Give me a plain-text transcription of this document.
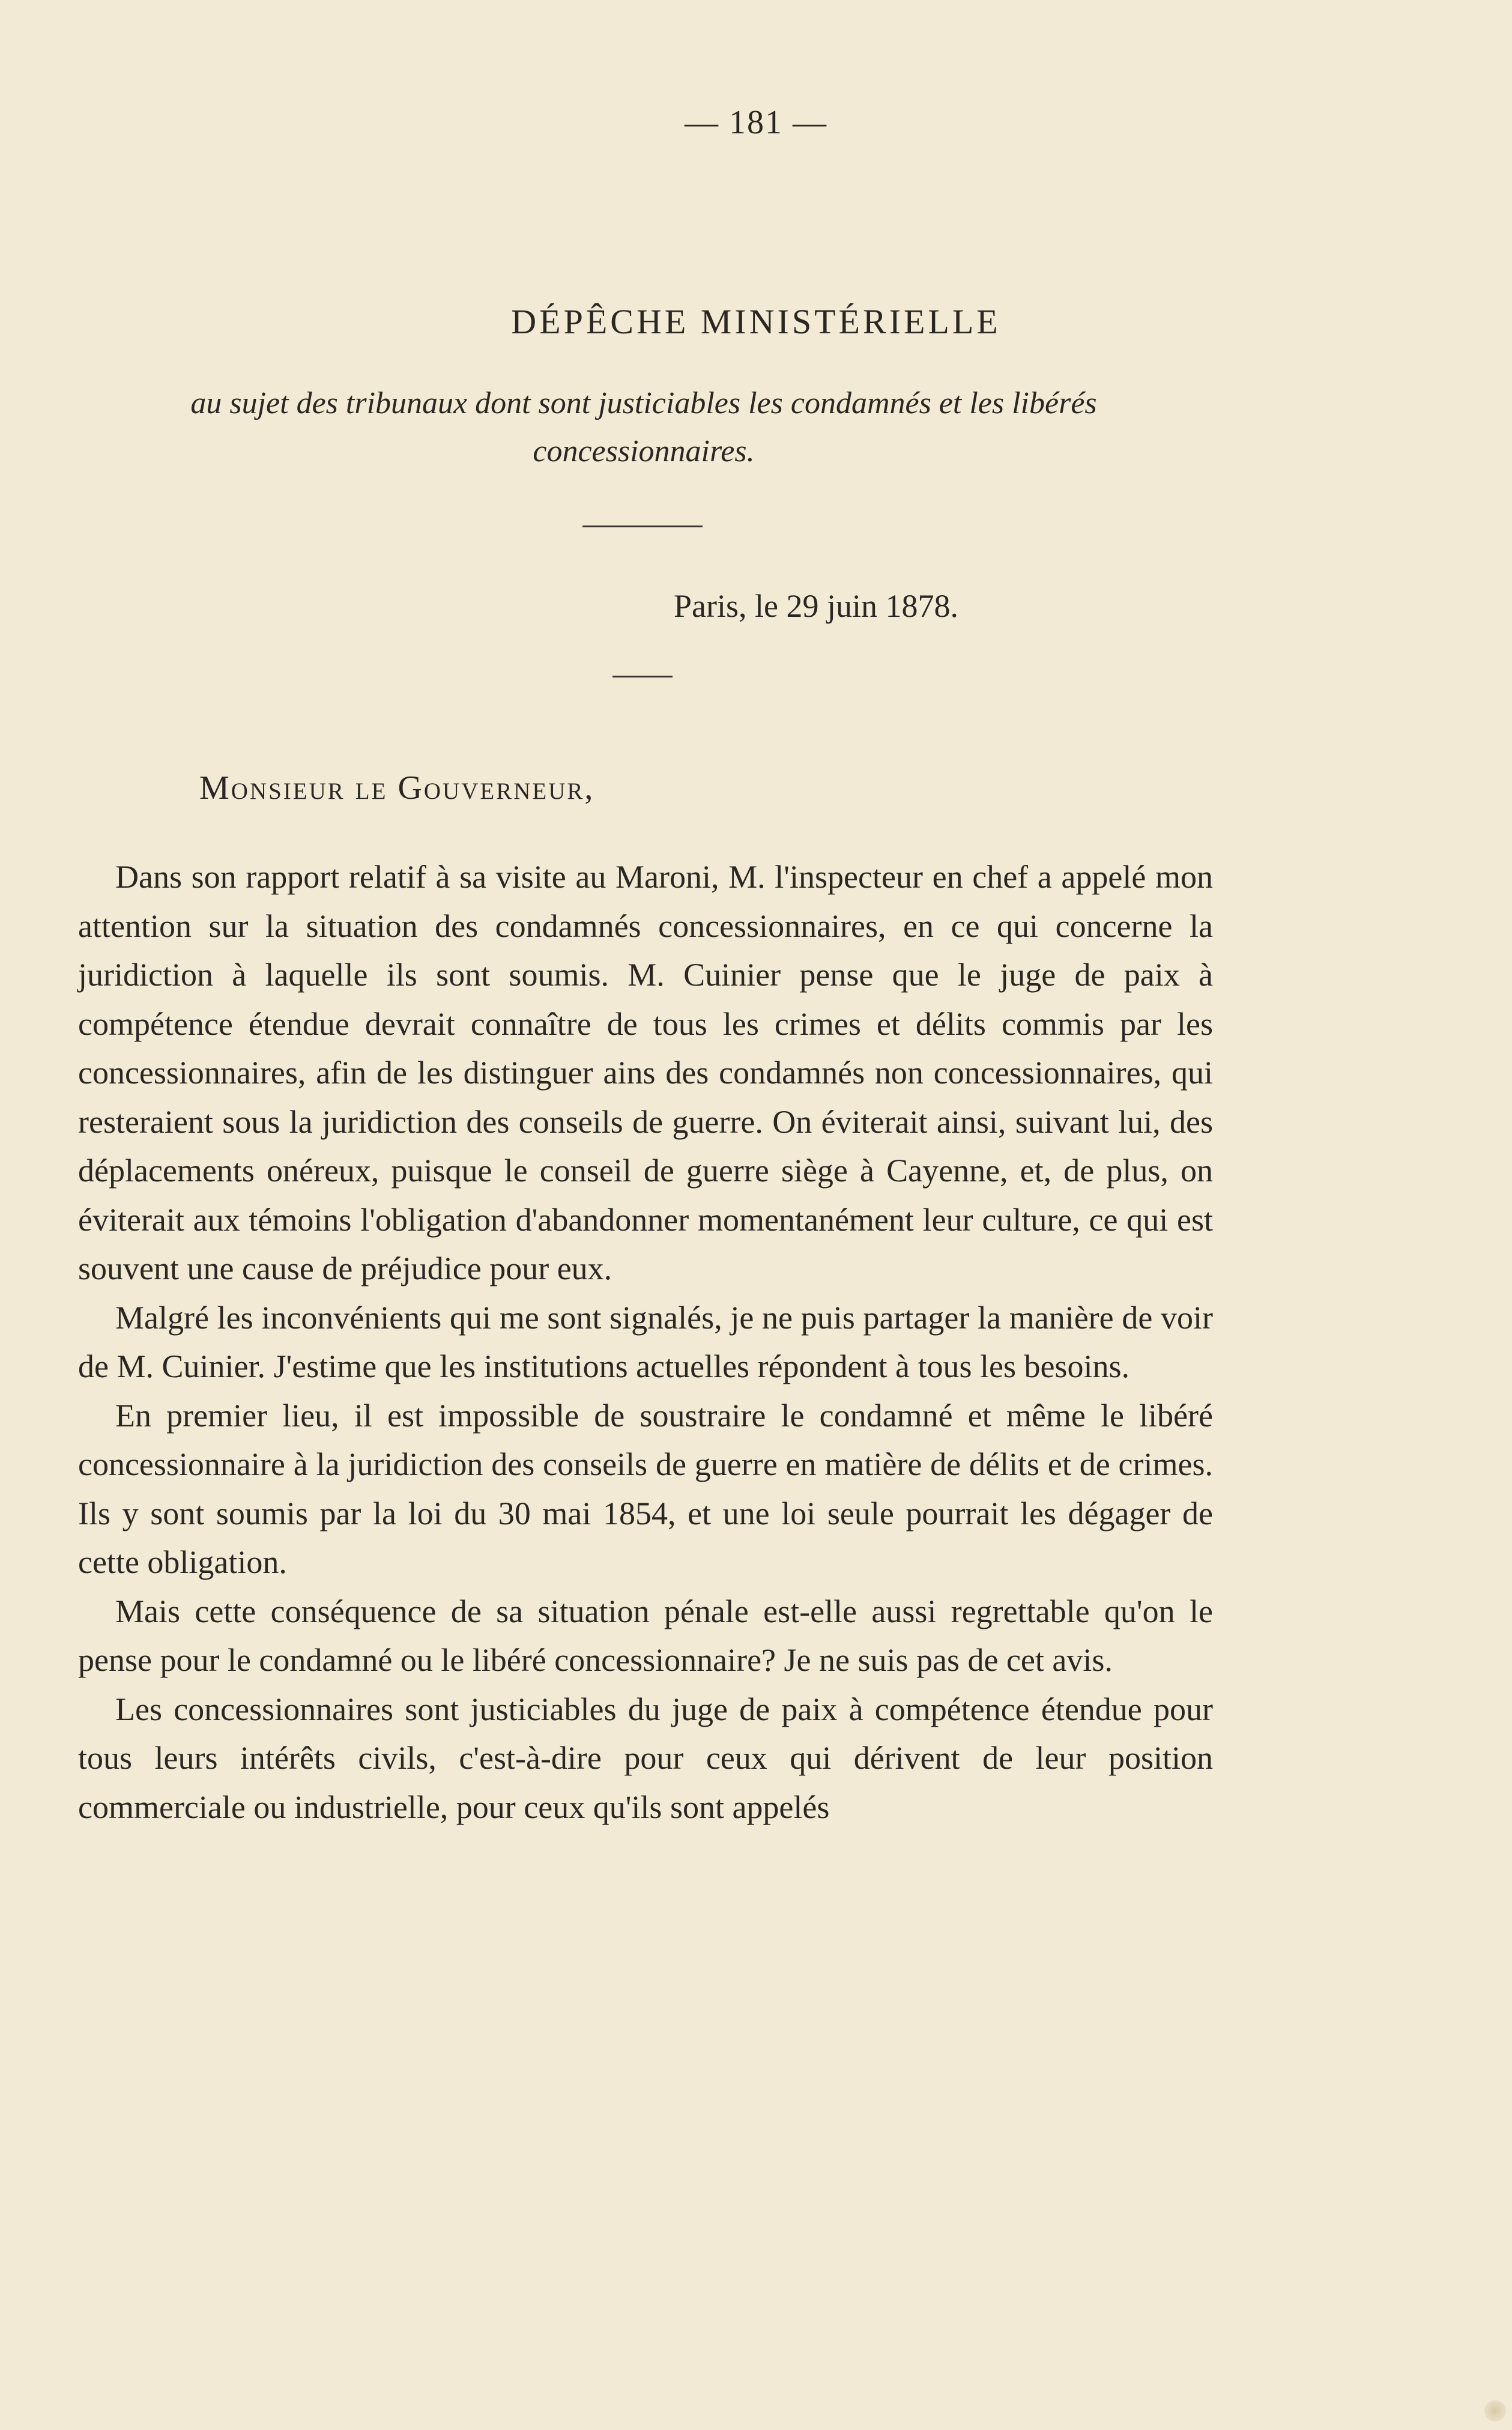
— 181 —
DÉPÊCHE MINISTÉRIELLE
au sujet des tribunaux dont sont justiciables les condamnés et les libérés concessionnaires.
Paris, le 29 juin 1878.
Monsieur le Gouverneur,

Dans son rapport relatif à sa visite au Maroni, M. l'inspecteur en chef a appelé mon attention sur la situation des condamnés concessionnaires, en ce qui concerne la juridiction à laquelle ils sont soumis. M. Cuinier pense que le juge de paix à compétence étendue devrait connaître de tous les crimes et délits commis par les concessionnaires, afin de les distinguer ains des condamnés non concessionnaires, qui resteraient sous la juridiction des conseils de guerre. On éviterait ainsi, suivant lui, des déplacements onéreux, puisque le conseil de guerre siège à Cayenne, et, de plus, on éviterait aux témoins l'obligation d'abandonner momentanément leur culture, ce qui est souvent une cause de préjudice pour eux.

Malgré les inconvénients qui me sont signalés, je ne puis partager la manière de voir de M. Cuinier. J'estime que les institutions actuelles répondent à tous les besoins.

En premier lieu, il est impossible de soustraire le condamné et même le libéré concessionnaire à la juridiction des conseils de guerre en matière de délits et de crimes. Ils y sont soumis par la loi du 30 mai 1854, et une loi seule pourrait les dégager de cette obligation.

Mais cette conséquence de sa situation pénale est-elle aussi regrettable qu'on le pense pour le condamné ou le libéré concessionnaire? Je ne suis pas de cet avis.

Les concessionnaires sont justiciables du juge de paix à compétence étendue pour tous leurs intérêts civils, c'est-à-dire pour ceux qui dérivent de leur position commerciale ou industrielle, pour ceux qu'ils sont appelés
